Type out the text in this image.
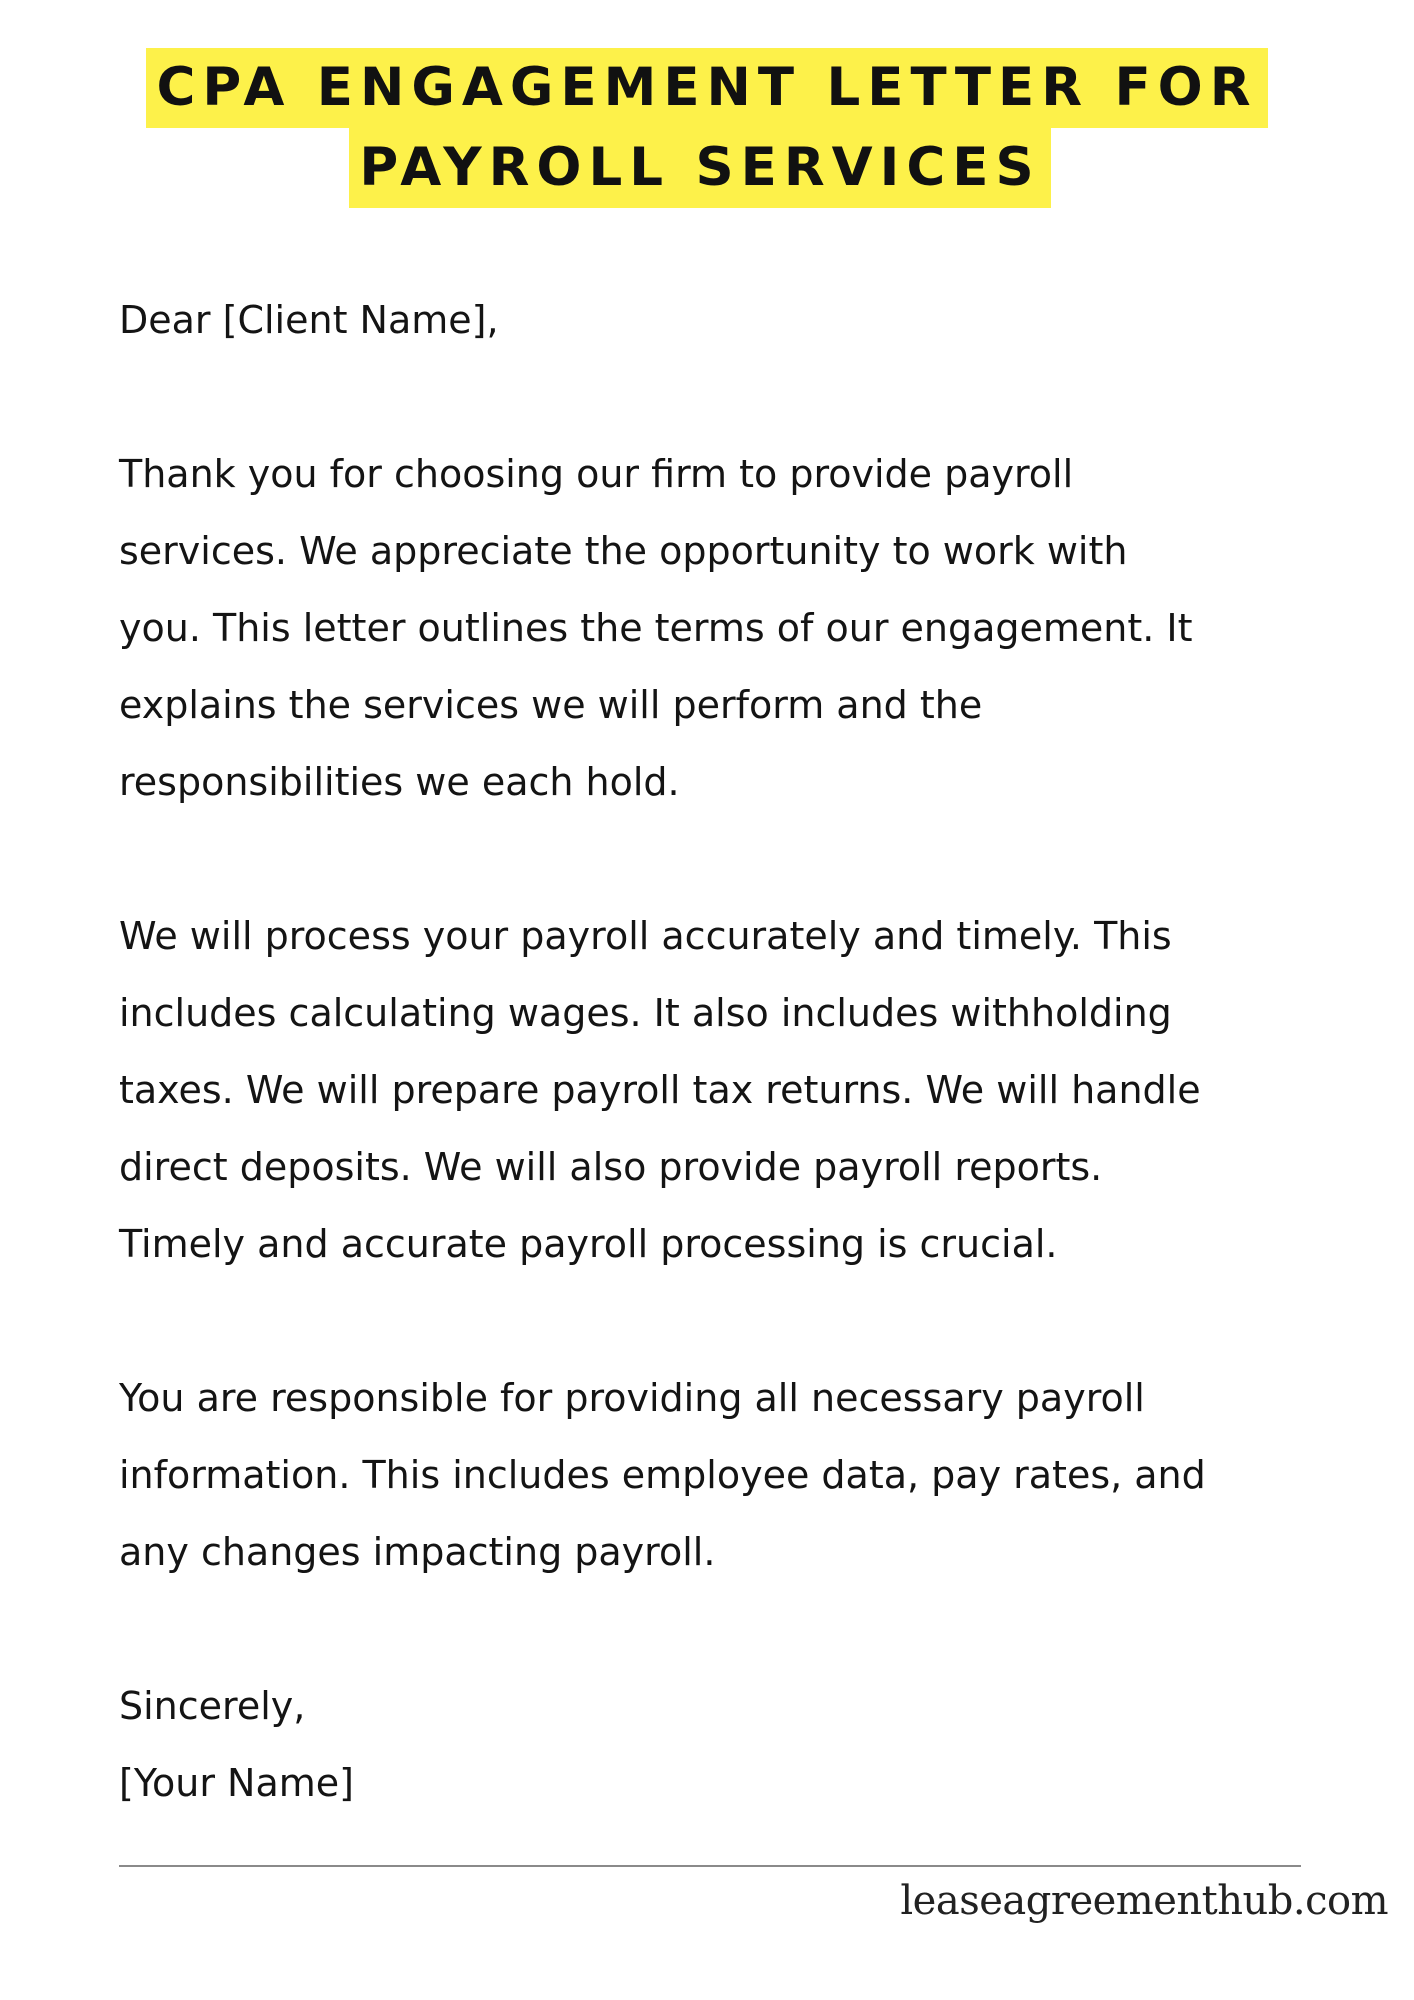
CPA ENGAGEMENT LETTER FOR
PAYROLL SERVICES

Dear [Client Name],

Thank you for choosing our firm to provide payroll

services. We appreciate the opportunity to work with

you. This letter outlines the terms of our engagement. It

explains the services we will perform and the

responsibilities we each hold.

We will process your payroll accurately and timely. This

includes calculating wages. It also includes withholding

taxes. We will prepare payroll tax returns. We will handle

direct deposits. We will also provide payroll reports.

Timely and accurate payroll processing is crucial.

You are responsible for providing all necessary payroll

information. This includes employee data, pay rates, and

any changes impacting payroll.

Sincerely,

[Your Name]

leaseagreementhub.com
